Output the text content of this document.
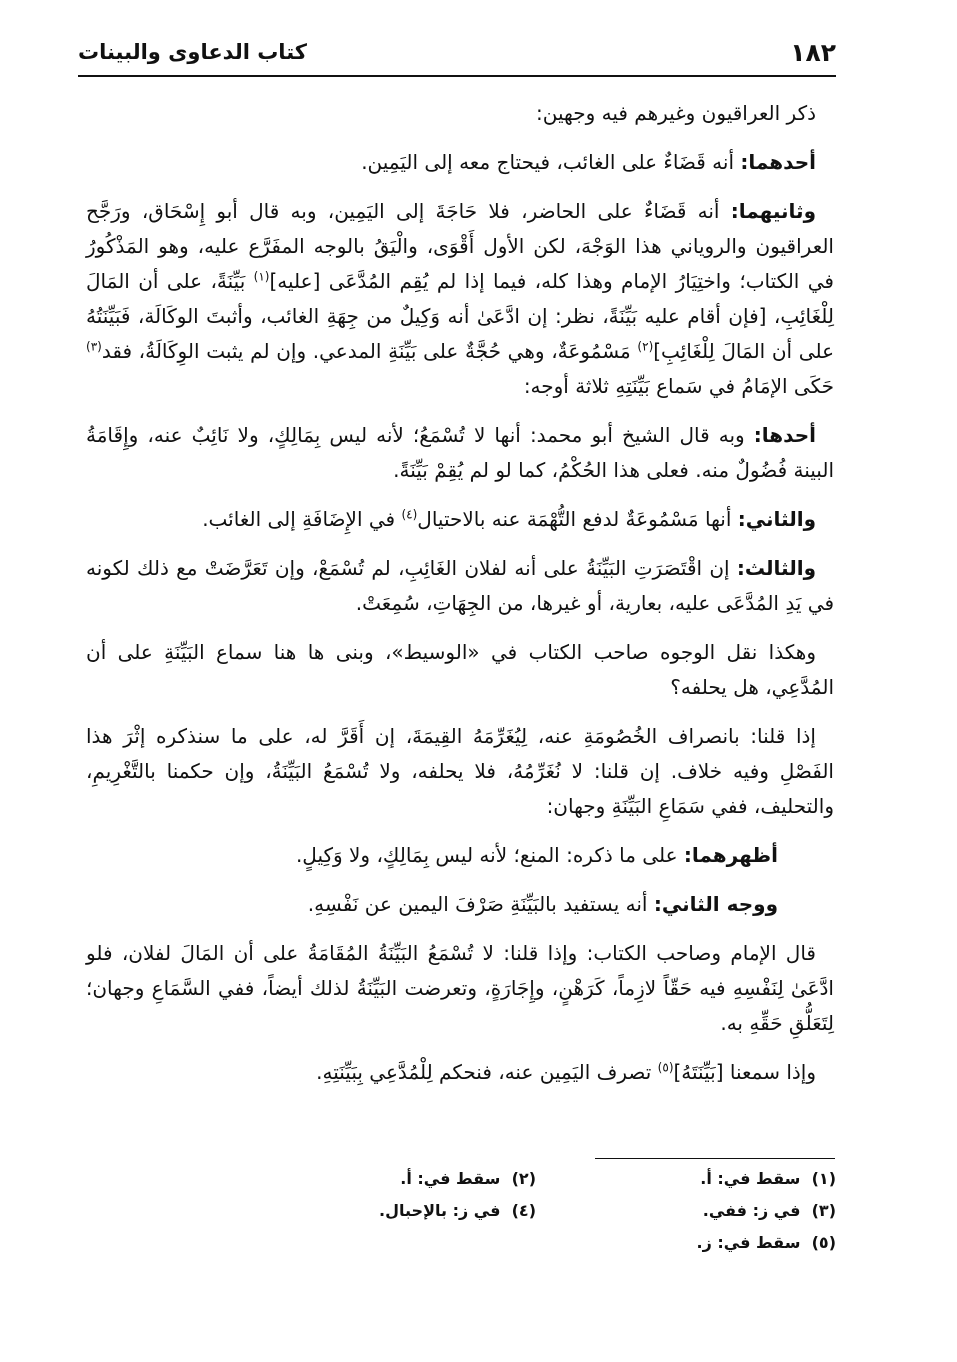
١٨٢
كتاب الدعاوى والبينات

ذكر العراقيون وغيرهم فيه وجهين:

أحدهما: أنه قَضَاءٌ على الغائب، فيحتاج معه إلى اليَمِين.

وثانيهما: أنه قَضَاءٌ على الحاضر، فلا حَاجَةَ إلى اليَمِين، وبه قال أبو إِسْحَاق، ورَجَّح العراقيون والروياني هذا الوَجْهَ، لكن الأول أَقْوَى، والْيَقُ بالوجه المفَرَّع عليه، وهو المَذْكُورُ في الكتاب؛ واختِيَارُ الإمام وهذا كله، فيما إذا لم يُقِم المُدَّعَى [عليه]$^{(١)}$ بَيِّنَةً، على أن المَالَ لِلْغَائِبِ، [فإن أقام عليه بَيِّنَةً، نظر: إن ادَّعَىٰ أنه وَكِيلٌ من جِهَةِ الغائب، وأثبتَ الوكَالَة، فَبَيِّنَتُهُ على أن المَالَ لِلْغَائِبِ]$^{(٢)}$ مَسْمُوعَةٌ، وهي حُجَّةٌ على بَيِّنَةِ المدعي. وإن لم يثبت الوِكَالَةُ، فقد$^{(٣)}$ حَكَى الإمَامُ في سَماع بَيِّنَتِهِ ثلاثة أوجه:

أحدها: وبه قال الشيخ أبو محمد: أنها لا تُسْمَعُ؛ لأنه ليس بِمَالِكٍ، ولا نَائِبٌ عنه، وإِقَامَةُ البينة فُضُولٌ منه. فعلى هذا الحُكْمُ، كما لو لم يُقِمْ بَيِّنَةً.

والثاني: أنها مَسْمُوعَةٌ لدفع التُّهْمَة عنه بالاحتيال$^{(٤)}$ في الإِضَافَةِ إلى الغائب.

والثالث: إن اقْتَصَرَتِ البَيِّنَةُ على أنه لفلان الغَائِبِ، لم تُسْمَعْ، وإن تَعَرَّضَتْ مع ذلك لكونه في يَدِ المُدَّعَى عليه، بعارية، أو غيرها، من الجِهَاتِ، سُمِعَتْ.

وهكذا نقل الوجوه صاحب الكتاب في «الوسيط»، وبنى ها هنا سماع البَيِّنَةِ على أن المُدَّعِي، هل يحلفه؟

إذا قلنا: بانصراف الخُصُومَةِ عنه، لِيُغَرِّمَهُ القِيمَةَ، إن أَقَرَّ له، على ما سنذكره إثْرَ هذا الفَصْلِ وفيه خلاف. إن قلنا: لا نُغَرِّمُهُ، فلا يحلفه، ولا تُسْمَعُ البَيِّنَةُ، وإن حكمنا بالتَّغْرِيمِ، والتحليف، ففي سَمَاعِ البَيِّنَةِ وجهان:

أظهرهما: على ما ذكره: المنع؛ لأنه ليس بِمَالِكٍ، ولا وَكِيلٍ.

ووجه الثاني: أنه يستفيد بالبَيِّنَةِ صَرْفَ اليمين عن نَفْسِهِ.

قال الإمام وصاحب الكتاب: وإذا قلنا: لا تُسْمَعُ البَيِّنَةُ المُقَامَةُ على أن المَالَ لفلان، فلو ادَّعَىٰ لِنَفْسِهِ فيه حَقّاً لازِماً، كَرَهْنٍ، وإِجَارَةٍ، وتعرضت البَيِّنَةُ لذلك أيضاً، ففي السَّمَاعِ وجهان؛ لِتَعَلُّقِ حَقِّهِ به.

وإذا سمعنا [بَيِّنَتَهُ]$^{(٥)}$ تصرف اليَمِين عنه، فنحكم لِلْمُدَّعِي بِبَيِّنَتِهِ.

(١) سقط في: أ.
(٢) سقط في: أ.
(٣) في ز: ففي.
(٤) في ز: بالإحبال.
(٥) سقط في: ز.
